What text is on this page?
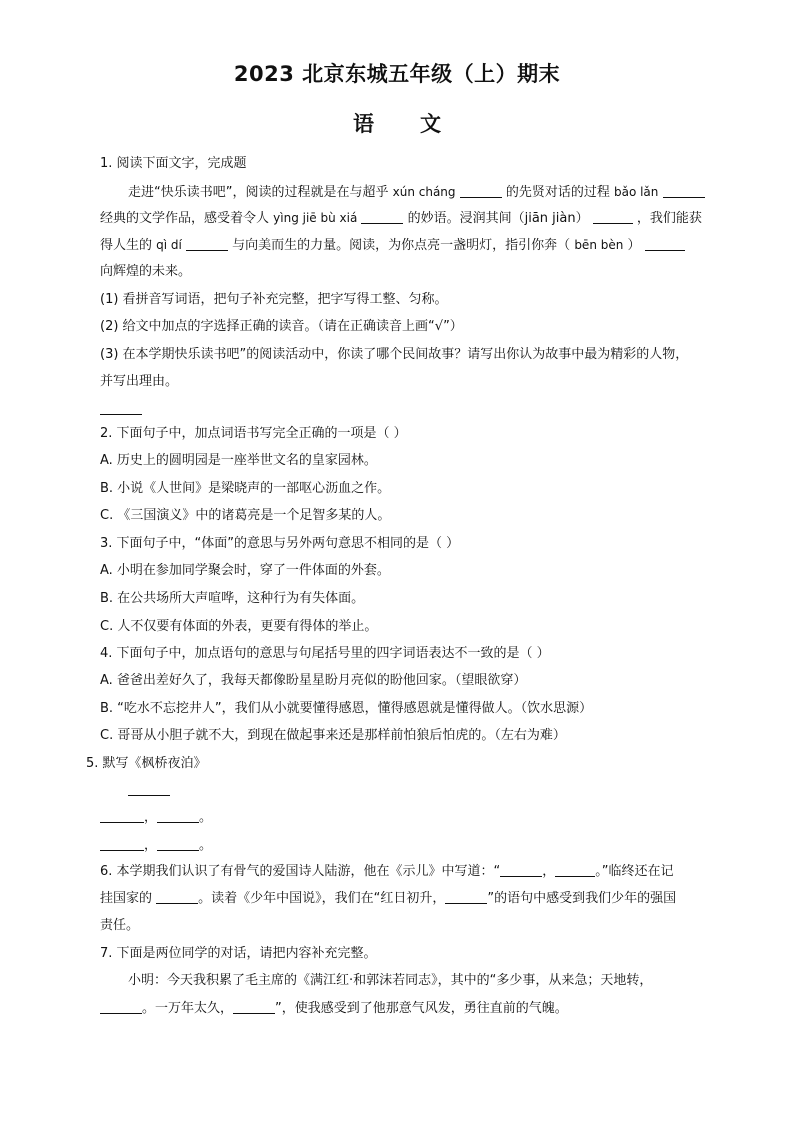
2023 北京东城五年级（上）期末
语 文
1. 阅读下面文字，完成题
走进“快乐读书吧”，阅读的过程就是在与超乎 xún cháng	的先贤对话的过程 bǎo lǎn
经典的文学作品，感受着令人 yìng jiē bù xiá	的妙语。浸润其间（jiān jiàn）	，我们能获
得人生的 qì dí	与向美而生的力量。阅读，为你点亮一盏明灯，指引你奔（ bēn bèn ）
向辉煌的未来。
(1) 看拼音写词语，把句子补充完整，把字写得工整、匀称。
(2) 给文中加点的字选择正确的读音。（请在正确读音上画“√”）
(3) 在本学期快乐读书吧”的阅读活动中，你读了哪个民间故事？请写出你认为故事中最为精彩的人物，
并写出理由。
2. 下面句子中，加点词语书写完全正确的一项是（ ）
A. 历史上的圆明园是一座举世文名的皇家园林。
B. 小说《人世间》是梁晓声的一部呕心沥血之作。
C. 《三国演义》中的诸葛亮是一个足智多某的人。
3. 下面句子中，“体面”的意思与另外两句意思不相同的是（ ）
A. 小明在参加同学聚会时，穿了一件体面的外套。
B. 在公共场所大声喧哗，这种行为有失体面。
C. 人不仅要有体面的外表，更要有得体的举止。
4. 下面句子中，加点语句的意思与句尾括号里的四字词语表达不一致的是（ ）
A. 爸爸出差好久了，我每天都像盼星星盼月亮似的盼他回家。（望眼欲穿）
B. “吃水不忘挖井人”，我们从小就要懂得感恩，懂得感恩就是懂得做人。（饮水思源）
C. 哥哥从小胆子就不大，到现在做起事来还是那样前怕狼后怕虎的。（左右为难）
5. 默写《枫桥夜泊》
，	。
，	。
6. 本学期我们认识了有骨气的爱国诗人陆游，他在《示儿》中写道：“	，	。”临终还在记
挂国家的	。读着《少年中国说》，我们在“红日初升，	”的语句中感受到我们少年的强国
责任。
7. 下面是两位同学的对话，请把内容补充完整。
小明：今天我积累了毛主席的《满江红·和郭沫若同志》，其中的“多少事，从来急；天地转，
。一万年太久，	”，使我感受到了他那意气风发，勇往直前的气魄。
